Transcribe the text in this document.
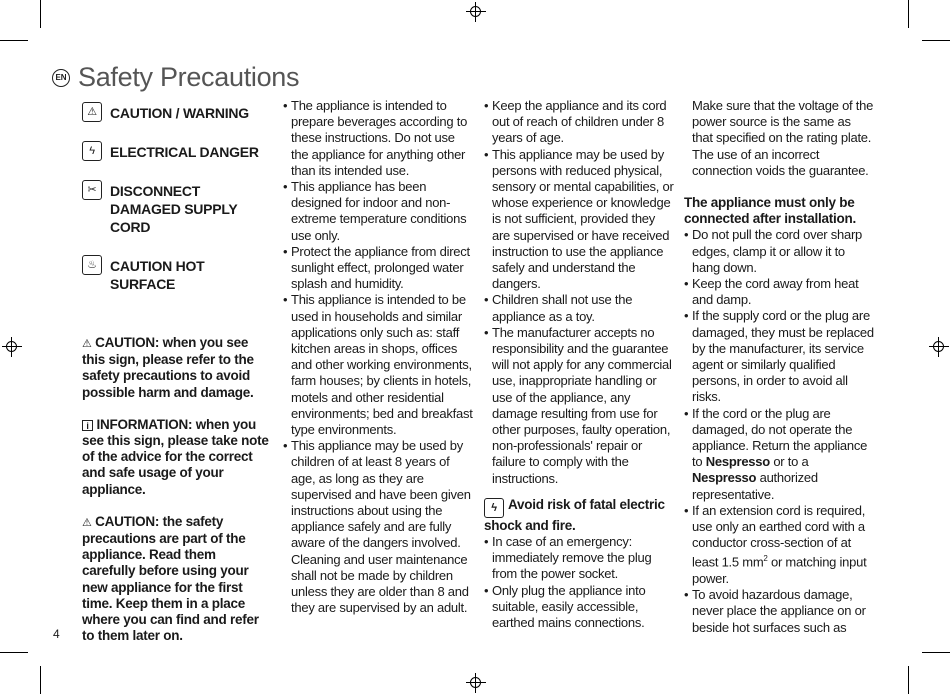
EN Safety Precautions
⚠ CAUTION / WARNING
ϟ	ELECTRICAL DANGER
✂ DISCONNECT DAMAGED SUPPLY CORD
♨ CAUTION HOT SURFACE
⚠ CAUTION: when you see this sign, please refer to the safety precautions to avoid possible harm and damage.
i INFORMATION: when you see this sign, please take note of the advice for the correct and safe usage of your appliance.
⚠ CAUTION: the safety precautions are part of the appliance. Read them carefully before using your new appliance for the first time. Keep them in a place where you can find and refer to them later on.
• The appliance is intended to prepare beverages according to these instructions. Do not use the appliance for anything other than its intended use.
• This appliance has been designed for indoor and non-extreme temperature conditions use only.
• Protect the appliance from direct sunlight effect, prolonged water splash and humidity.
• This appliance is intended to be used in households and similar applications only such as: staff kitchen areas in shops, offices and other working environments, farm houses; by clients in hotels, motels and other residential environments; bed and breakfast type environments.
• This appliance may be used by children of at least 8 years of age, as long as they are supervised and have been given instructions about using the appliance safely and are fully aware of the dangers involved. Cleaning and user maintenance shall not be made by children unless they are older than 8 and they are supervised by an adult.
• Keep the appliance and its cord out of reach of children under 8 years of age.
• This appliance may be used by persons with reduced physical, sensory or mental capabilities, or whose experience or knowledge is not sufficient, provided they are supervised or have received instruction to use the appliance safely and understand the dangers.
• Children shall not use the appliance as a toy.
• The manufacturer accepts no responsibility and the guarantee will not apply for any commercial use, inappropriate handling or use of the appliance, any damage resulting from use for other purposes, faulty operation, non-professionals' repair or failure to comply with the instructions.
ϟ Avoid risk of fatal electric shock and fire.
• In case of an emergency: immediately remove the plug from the power socket.
• Only plug the appliance into suitable, easily accessible, earthed mains connections.
Make sure that the voltage of the power source is the same as that specified on the rating plate. The use of an incorrect connection voids the guarantee.
The appliance must only be connected after installation.
• Do not pull the cord over sharp edges, clamp it or allow it to hang down.
• Keep the cord away from heat and damp.
• If the supply cord or the plug are damaged, they must be replaced by the manufacturer, its service agent or similarly qualified persons, in order to avoid all risks.
• If the cord or the plug are damaged, do not operate the appliance. Return the appliance to Nespresso or to a Nespresso authorized representative.
• If an extension cord is required, use only an earthed cord with a conductor cross-section of at least 1.5 $mm^2$ or matching input power.
• To avoid hazardous damage, never place the appliance on or beside hot surfaces such as
4
